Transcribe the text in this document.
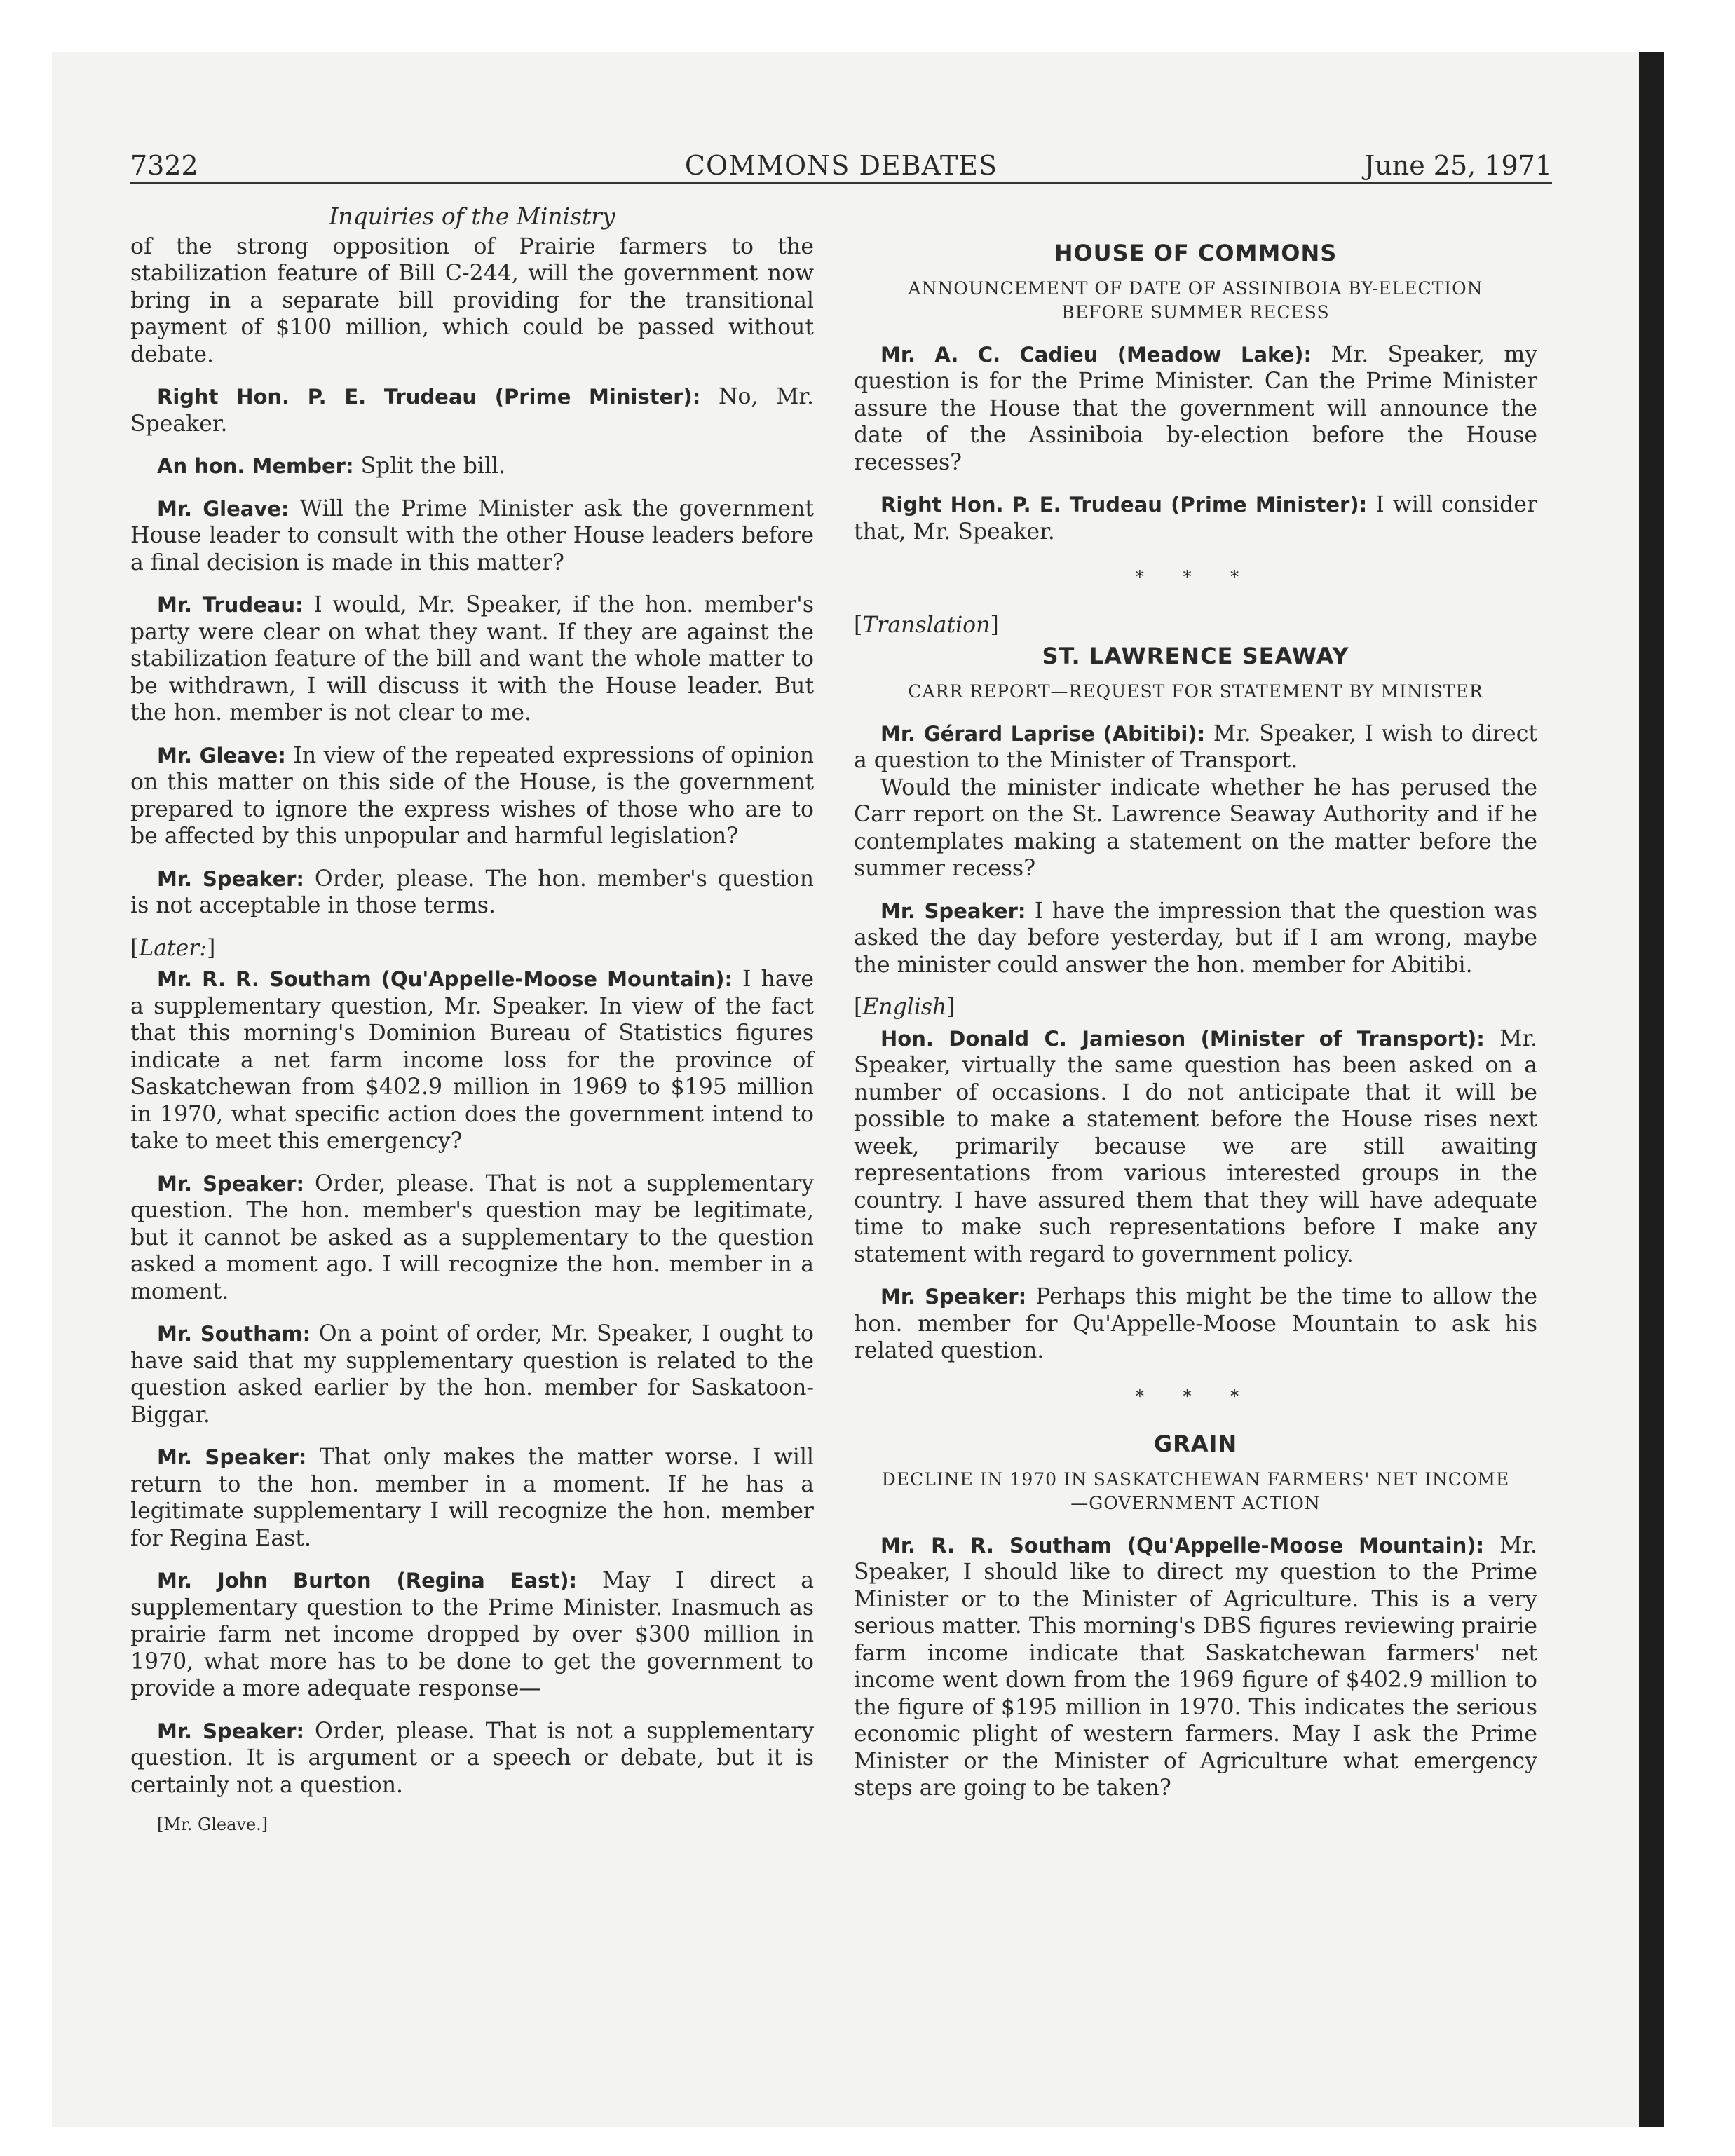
COMMONS DEBATES
7322	June 25, 1971
Inquiries of the Ministry

of the strong opposition of Prairie farmers to the stabilization feature of Bill C-244, will the government now bring in a separate bill providing for the transitional payment of $100 million, which could be passed without debate.

Right Hon. P. E. Trudeau (Prime Minister): No, Mr. Speaker.

An hon. Member: Split the bill.

Mr. Gleave: Will the Prime Minister ask the government House leader to consult with the other House leaders before a final decision is made in this matter?

Mr. Trudeau: I would, Mr. Speaker, if the hon. member's party were clear on what they want. If they are against the stabilization feature of the bill and want the whole matter to be withdrawn, I will discuss it with the House leader. But the hon. member is not clear to me.

Mr. Gleave: In view of the repeated expressions of opinion on this matter on this side of the House, is the government prepared to ignore the express wishes of those who are to be affected by this unpopular and harmful legislation?

Mr. Speaker: Order, please. The hon. member's question is not acceptable in those terms.

[Later:]

Mr. R. R. Southam (Qu'Appelle-Moose Mountain): I have a supplementary question, Mr. Speaker. In view of the fact that this morning's Dominion Bureau of Statistics figures indicate a net farm income loss for the province of Saskatchewan from $402.9 million in 1969 to $195 million in 1970, what specific action does the government intend to take to meet this emergency?

Mr. Speaker: Order, please. That is not a supplementary question. The hon. member's question may be legitimate, but it cannot be asked as a supplementary to the question asked a moment ago. I will recognize the hon. member in a moment.

Mr. Southam: On a point of order, Mr. Speaker, I ought to have said that my supplementary question is related to the question asked earlier by the hon. member for Saskatoon-Biggar.

Mr. Speaker: That only makes the matter worse. I will return to the hon. member in a moment. If he has a legitimate supplementary I will recognize the hon. member for Regina East.

Mr. John Burton (Regina East): May I direct a supplementary question to the Prime Minister. Inasmuch as prairie farm net income dropped by over $300 million in 1970, what more has to be done to get the government to provide a more adequate response—

Mr. Speaker: Order, please. That is not a supplementary question. It is argument or a speech or debate, but it is certainly not a question.

[Mr. Gleave.]
HOUSE OF COMMONS
ANNOUNCEMENT OF DATE OF ASSINIBOIA BY-ELECTION BEFORE SUMMER RECESS

Mr. A. C. Cadieu (Meadow Lake): Mr. Speaker, my question is for the Prime Minister. Can the Prime Minister assure the House that the government will announce the date of the Assiniboia by-election before the House recesses?

Right Hon. P. E. Trudeau (Prime Minister): I will consider that, Mr. Speaker.

* * *
[Translation]
ST. LAWRENCE SEAWAY
CARR REPORT—REQUEST FOR STATEMENT BY MINISTER

Mr. Gérard Laprise (Abitibi): Mr. Speaker, I wish to direct a question to the Minister of Transport.

Would the minister indicate whether he has perused the Carr report on the St. Lawrence Seaway Authority and if he contemplates making a statement on the matter before the summer recess?

Mr. Speaker: I have the impression that the question was asked the day before yesterday, but if I am wrong, maybe the minister could answer the hon. member for Abitibi.

[English]

Hon. Donald C. Jamieson (Minister of Transport): Mr. Speaker, virtually the same question has been asked on a number of occasions. I do not anticipate that it will be possible to make a statement before the House rises next week, primarily because we are still awaiting representations from various interested groups in the country. I have assured them that they will have adequate time to make such representations before I make any statement with regard to government policy.

Mr. Speaker: Perhaps this might be the time to allow the hon. member for Qu'Appelle-Moose Mountain to ask his related question.

* * *
GRAIN
DECLINE IN 1970 IN SASKATCHEWAN FARMERS' NET INCOME—GOVERNMENT ACTION

Mr. R. R. Southam (Qu'Appelle-Moose Mountain): Mr. Speaker, I should like to direct my question to the Prime Minister or to the Minister of Agriculture. This is a very serious matter. This morning's DBS figures reviewing prairie farm income indicate that Saskatchewan farmers' net income went down from the 1969 figure of $402.9 million to the figure of $195 million in 1970. This indicates the serious economic plight of western farmers. May I ask the Prime Minister or the Minister of Agriculture what emergency steps are going to be taken?
